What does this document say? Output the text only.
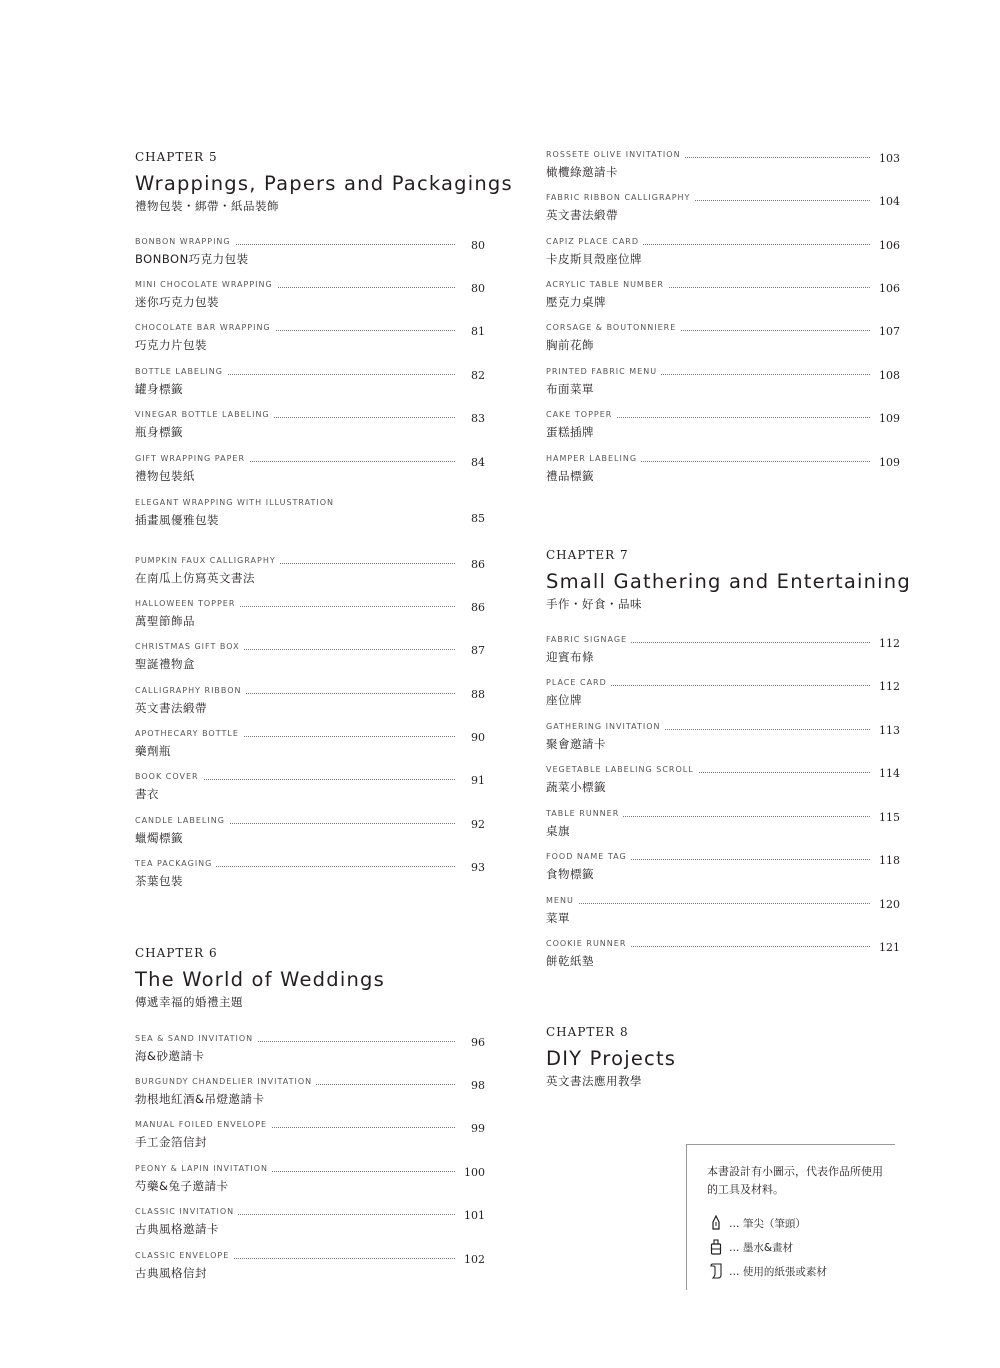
CHAPTER 5

Wrappings, Papers and Packagings

禮物包裝・綁帶・紙品裝飾

BONBON WRAPPING
BONBON巧克力包裝
80
MINI CHOCOLATE WRAPPING
迷你巧克力包裝
80
CHOCOLATE BAR WRAPPING
巧克力片包裝
81
BOTTLE LABELING
罐身標籤
82
VINEGAR BOTTLE LABELING
瓶身標籤
83
GIFT WRAPPING PAPER
禮物包裝紙
84
ELEGANT WRAPPING WITH ILLUSTRATION
插畫風優雅包裝	85
PUMPKIN FAUX CALLIGRAPHY
在南瓜上仿寫英文書法
86
HALLOWEEN TOPPER
萬聖節飾品
86
CHRISTMAS GIFT BOX
聖誕禮物盒
87
CALLIGRAPHY RIBBON
英文書法緞帶
88
APOTHECARY BOTTLE
藥劑瓶
90
BOOK COVER
書衣
91
CANDLE LABELING
蠟燭標籤
92
TEA PACKAGING
茶葉包裝
93

CHAPTER 6

The World of Weddings

傳遞幸福的婚禮主題

SEA & SAND INVITATION
海&砂邀請卡
96
BURGUNDY CHANDELIER INVITATION
勃根地紅酒&吊燈邀請卡
98
MANUAL FOILED ENVELOPE
手工金箔信封
99
PEONY & LAPIN INVITATION
芍藥&兔子邀請卡
100
CLASSIC INVITATION
古典風格邀請卡
101
CLASSIC ENVELOPE
古典風格信封
102
ROSSETE OLIVE INVITATION
橄欖綠邀請卡
103
FABRIC RIBBON CALLIGRAPHY
英文書法緞帶
104
CAPIZ PLACE CARD
卡皮斯貝殼座位牌
106
ACRYLIC TABLE NUMBER
壓克力桌牌
106
CORSAGE & BOUTONNIERE
胸前花飾
107
PRINTED FABRIC MENU
布面菜單
108
CAKE TOPPER
蛋糕插牌
109
HAMPER LABELING
禮品標籤
109

CHAPTER 7

Small Gathering and Entertaining

手作・好食・品味

FABRIC SIGNAGE
迎賓布條
112
PLACE CARD
座位牌
112
GATHERING INVITATION
聚會邀請卡
113
VEGETABLE LABELING SCROLL
蔬菜小標籤
114
TABLE RUNNER
桌旗
115
FOOD NAME TAG
食物標籤
118
MENU
菜單
120
COOKIE RUNNER
餅乾紙墊
121

CHAPTER 8

DIY Projects

英文書法應用教學

本書設計有小圖示，代表作品所使用的工具及材料。
… 筆尖（筆頭）
… 墨水&畫材
… 使用的紙張或素材
